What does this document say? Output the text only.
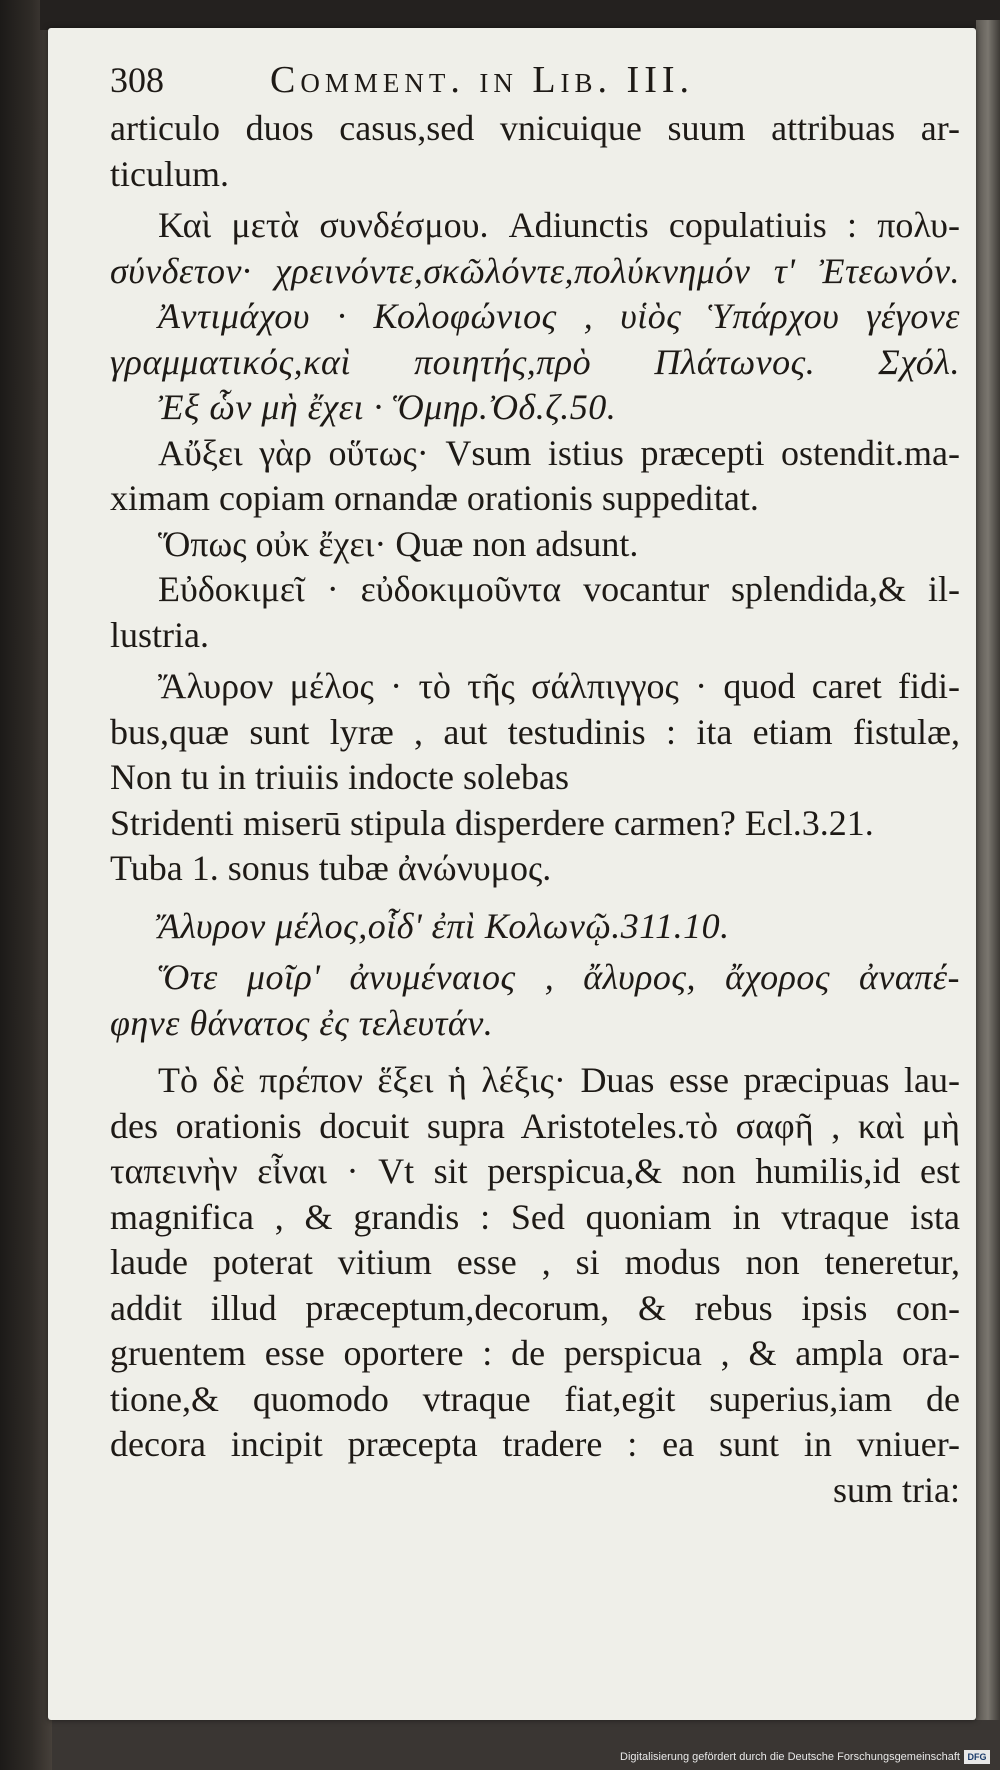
308	Comment. in Lib. III.
articulo duos casus,sed vnicuique suum attribuas ar-
ticulum.
Καὶ μετὰ συνδέσμου. Adiunctis copulatiuis : πολυ-
σύνδετον· χρεινόντε,σκῶλόντε,πολύκνημόν τ' Ἐτεωνόν.
Ἀντιμάχου · Κολοφώνιος , υἱὸς Ὑπάρχου γέγονε
γραμματικός,καὶ ποιητής,πρὸ Πλάτωνος. Σχόλ.
Ἐξ ὧν μὴ ἔχει · Ὅμηρ.Ὀδ.ζ.50.
Αὔξει γὰρ οὕτως· Vsum istius præcepti ostendit.ma-
ximam copiam ornandæ orationis suppeditat.
Ὅπως οὐκ ἔχει· Quæ non adsunt.
Εὐδοκιμεῖ · εὐδοκιμοῦντα vocantur splendida,& il-
lustria.
Ἄλυρον μέλος · τὸ τῆς σάλπιγγος · quod caret fidi-
bus,quæ sunt lyræ , aut testudinis : ita etiam fistulæ,
Non tu in triuiis indocte solebas
Stridenti miserū stipula disperdere carmen? Ecl.3.21.
Tuba 1. sonus tubæ ἀνώνυμος.
Ἄλυρον μέλος,οἷδ' ἐπὶ Κολωνῷ.311.10.
Ὅτε μοῖρ' ἀνυμέναιος , ἄλυρος, ἄχορος ἀναπέ-
φηνε θάνατος ἐς τελευτάν.
Τὸ δὲ πρέπον ἕξει ἡ λέξις· Duas esse præcipuas lau-
des orationis docuit supra Aristoteles.τὸ σαφῆ , καὶ μὴ
ταπεινὴν εἶναι · Vt sit perspicua,& non humilis,id est
magnifica , & grandis : Sed quoniam in vtraque ista
laude poterat vitium esse , si modus non teneretur,
addit illud præceptum,decorum, & rebus ipsis con-
gruentem esse oportere : de perspicua , & ampla ora-
tione,& quomodo vtraque fiat,egit superius,iam de
decora incipit præcepta tradere : ea sunt in vniuer-
sum tria:
Digitalisierung gefördert durch die Deutsche Forschungsgemeinschaft DFG
